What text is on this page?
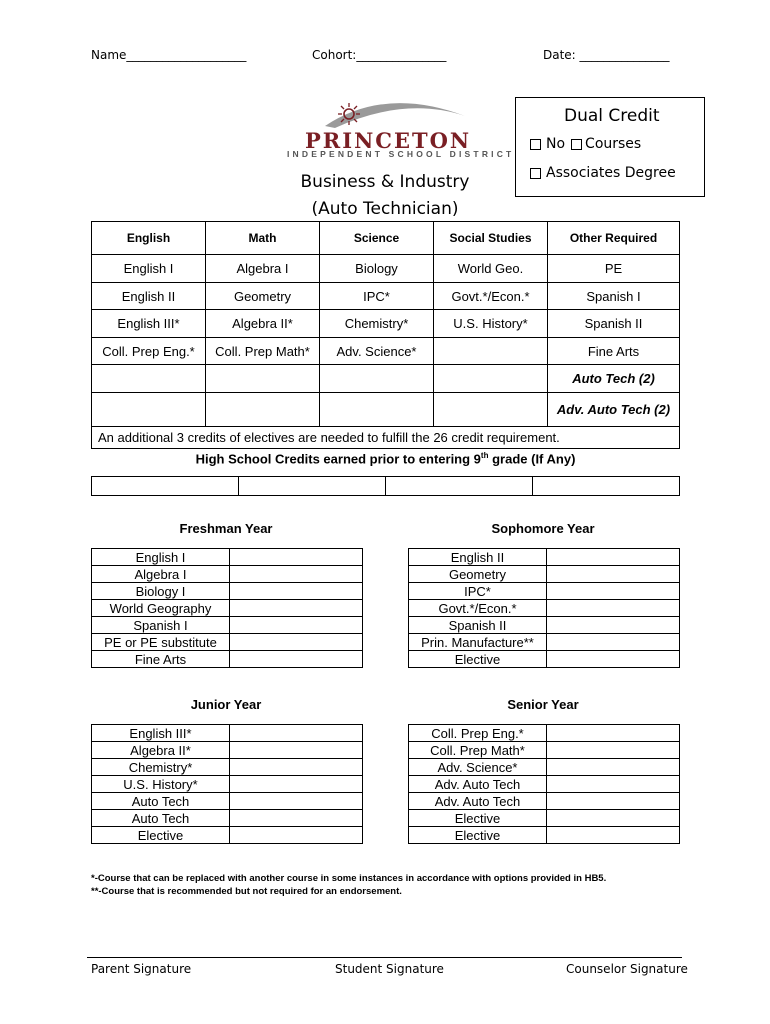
Name____________________	Cohort:_______________	Date: _______________
PRINCETON
INDEPENDENT SCHOOL DISTRICT
Dual Credit
No Courses
Associates Degree
Business & Industry
(Auto Technician)
English	Math	Science	Social Studies	Other Required
English I	Algebra I	Biology	World Geo.	PE
English II	Geometry	IPC*	Govt.*/Econ.*	Spanish I
English III*	Algebra II*	Chemistry*	U.S. History*	Spanish II
Coll. Prep Eng.*	Coll. Prep Math*	Adv. Science*		Fine Arts
				Auto Tech (2)
				Adv. Auto Tech (2)
An additional 3 credits of electives are needed to fulfill the 26 credit requirement.				
High School Credits earned prior to entering 9th grade (If Any)

Freshman Year
English I	
Algebra I	
Biology I	
World Geography	
Spanish I	
PE or PE substitute	
Fine Arts	
Sophomore Year
English II	
Geometry	
IPC*	
Govt.*/Econ.*	
Spanish II	
Prin. Manufacture**	
Elective	
Junior Year
English III*	
Algebra II*	
Chemistry*	
U.S. History*	
Auto Tech	
Auto Tech	
Elective	
Senior Year
Coll. Prep Eng.*	
Coll. Prep Math*	
Adv. Science*	
Adv. Auto Tech	
Adv. Auto Tech	
Elective	
Elective	
*-Course that can be replaced with another course in some instances in accordance with options provided in HB5.
**-Course that is recommended but not required for an endorsement.
Parent Signature	Student Signature	Counselor Signature
